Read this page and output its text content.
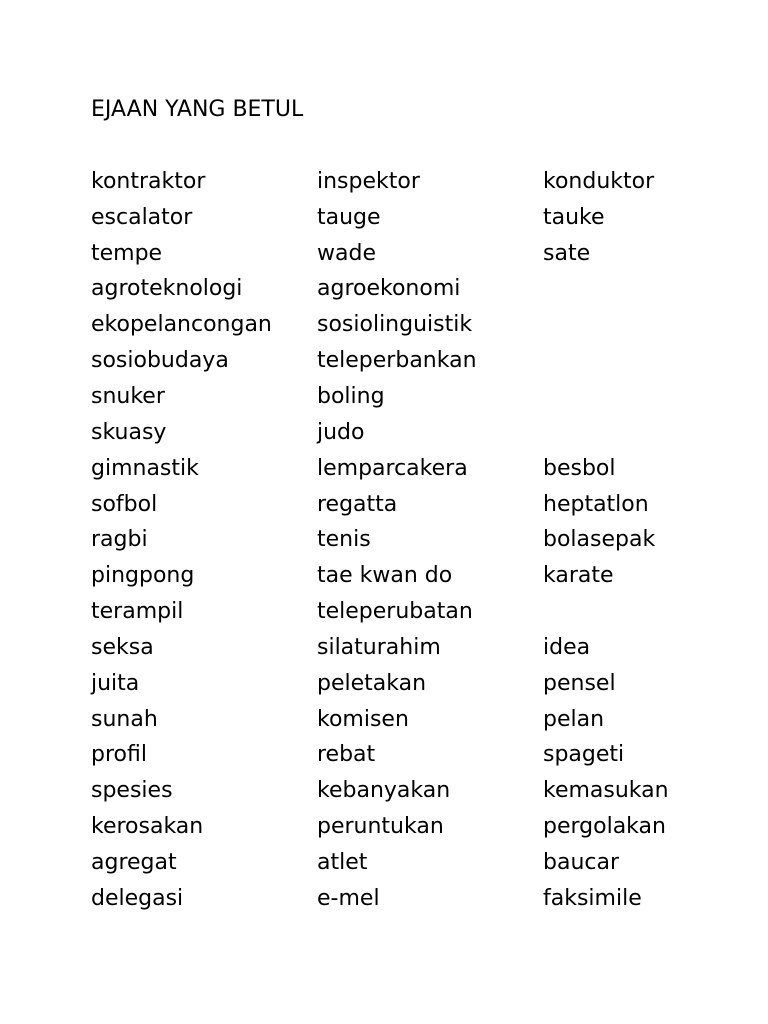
EJAAN YANG BETUL
kontraktor	inspektor	konduktor
escalator	tauge	tauke
tempe	wade	sate
agroteknologi	agroekonomi
ekopelancongan	sosiolinguistik
sosiobudaya	teleperbankan
snuker	boling
skuasy	judo
gimnastik	lemparcakera	besbol
sofbol	regatta	heptatlon
ragbi	tenis	bolasepak
pingpong	tae kwan do	karate
terampil	teleperubatan
seksa	silaturahim	idea
juita	peletakan	pensel
sunah	komisen	pelan
profil	rebat	spageti
spesies	kebanyakan	kemasukan
kerosakan	peruntukan	pergolakan
agregat	atlet	baucar
delegasi	e-mel	faksimile
